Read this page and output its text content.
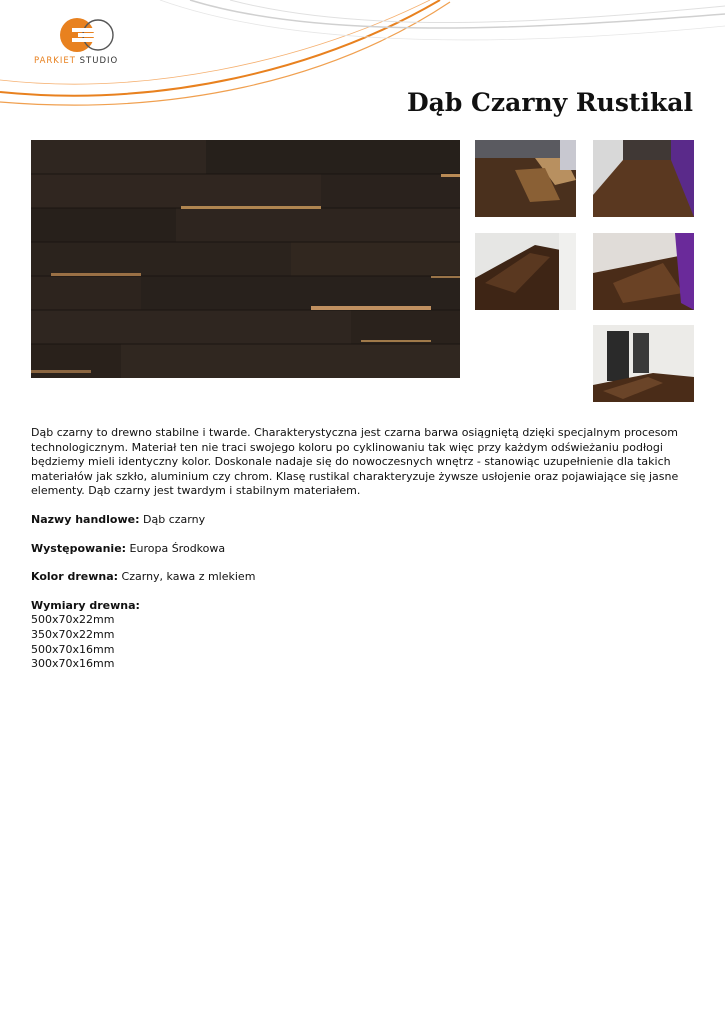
PARKIET STUDIO
Dąb Czarny Rustikal

Dąb czarny to drewno stabilne i twarde. Charakterystyczna jest czarna barwa osiągniętą dzięki specjalnym procesom technologicznym. Materiał ten nie traci swojego koloru po cyklinowaniu tak więc przy każdym odświeżaniu podłogi będziemy mieli identyczny kolor. Doskonale nadaje się do nowoczesnych wnętrz - stanowiąc uzupełnienie dla takich materiałów jak szkło, aluminium czy chrom. Klasę rustikal charakteryzuje żywsze usłojenie oraz pojawiające się jasne elementy. Dąb czarny jest twardym i stabilnym materiałem.

Nazwy handlowe: Dąb czarny

Występowanie: Europa Środkowa

Kolor drewna: Czarny, kawa z mlekiem

Wymiary drewna:
500x70x22mm
350x70x22mm
500x70x16mm
300x70x16mm
